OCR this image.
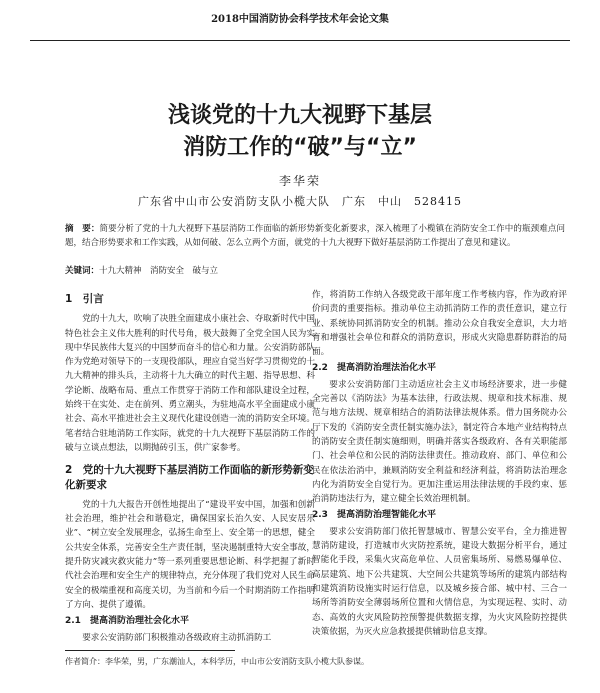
2018中国消防协会科学技术年会论文集
浅谈党的十九大视野下基层
消防工作的“破”与“立”
李华荣
广东省中山市公安消防支队小榄大队　广东　中山　528415
摘　要：简要分析了党的十九大视野下基层消防工作面临的新形势新变化新要求，深入梳理了小榄镇在消防安全工作中的瓶颈难点问题，结合形势要求和工作实践，从如何破、怎么立两个方面，就党的十九大视野下做好基层消防工作提出了意见和建议。
关键词：十九大精神　消防安全　破与立
1　引言

党的十九大，吹响了决胜全面建成小康社会、夺取新时代中国特色社会主义伟大胜利的时代号角，极大鼓舞了全党全国人民为实现中华民族伟大复兴的中国梦而奋斗的信心和力量。公安消防部队作为党绝对领导下的一支现役部队，理应自觉当好学习贯彻党的十九大精神的排头兵，主动将十九大确立的时代主题、指导思想、科学论断、战略布局、重点工作贯穿于消防工作和部队建设全过程，始终干在实处、走在前列、勇立潮头，为驻地高水平全面建成小康社会、高水平推进社会主义现代化建设创造一流的消防安全环境。笔者结合驻地消防工作实际，就党的十九大视野下基层消防工作的破与立谈点想法，以期抛砖引玉，供广家参考。

2　党的十九大视野下基层消防工作面临的新形势新变化新要求

党的十九大报告开创性地提出了“建设平安中国，加强和创新社会治理，维护社会和谐稳定，确保国家长治久安、人民安居乐业”、“树立安全发展理念，弘扬生命至上、安全第一的思想，健全公共安全体系，完善安全生产责任制，坚决遏制重特大安全事故，提升防灾减灾救灾能力”等一系列重要思想论断、科学把握了新时代社会治理和安全生产的规律特点，充分体现了我们党对人民生命安全的极端重视和高度关切，为当前和今后一个时期消防工作指明了方向、提供了遵循。

2.1　提高消防治理社会化水平

要求公安消防部门积极推动各级政府主动抓消防工

作，将消防工作纳入各级党政干部年度工作考核内容，作为政府评价问责的重要指标。推动单位主动抓消防工作的责任意识，建立行业、系统协同抓消防安全的机制。推动公众自我安全意识，大力培育和增强社会单位和群众的消防意识，形成火灾隐患群防群治的局面。

2.2　提高消防治理法治化水平

要求公安消防部门主动适应社会主义市场经济要求，进一步健全完善以《消防法》为基本法律，行政法规、规章和技术标准、规范与地方法规、规章相结合的消防法律法规体系。借力国务院办公厅下发的《消防安全责任制实施办法》，制定符合本地产业结构特点的消防安全责任制实施细则，明确并落实各级政府、各有关职能部门、社会单位和公民的消防法律责任。推动政府、部门、单位和公民在依法治消中，兼顾消防安全利益和经济利益，将消防法治理念内化为消防安全自觉行为。更加注重运用法律法规的手段约束、惩治消防违法行为，建立健全长效治理机制。

2.3　提高消防治理智能化水平

要求公安消防部门依托智慧城市、智慧公安平台，全力推进智慧消防建设，打造城市火灾防控系统，建设大数据分析平台，通过智能化手段，采集火灾高危单位、人员密集场所、易燃易爆单位、高层建筑、地下公共建筑、大空间公共建筑等场所的建筑内部结构和建筑消防设施实时运行信息，以及城乡接合部、城中村、三合一场所等消防安全薄弱场所位置和火情信息，为实现远程、实时、动态、高效的火灾风险防控预警提供数据支撑，为火灾风险防控提供决策依据，为灭火应急救援提供辅助信息支撑。

作者简介：李华荣，男，广东潮汕人，本科学历，中山市公安消防支队小榄大队参谋。
